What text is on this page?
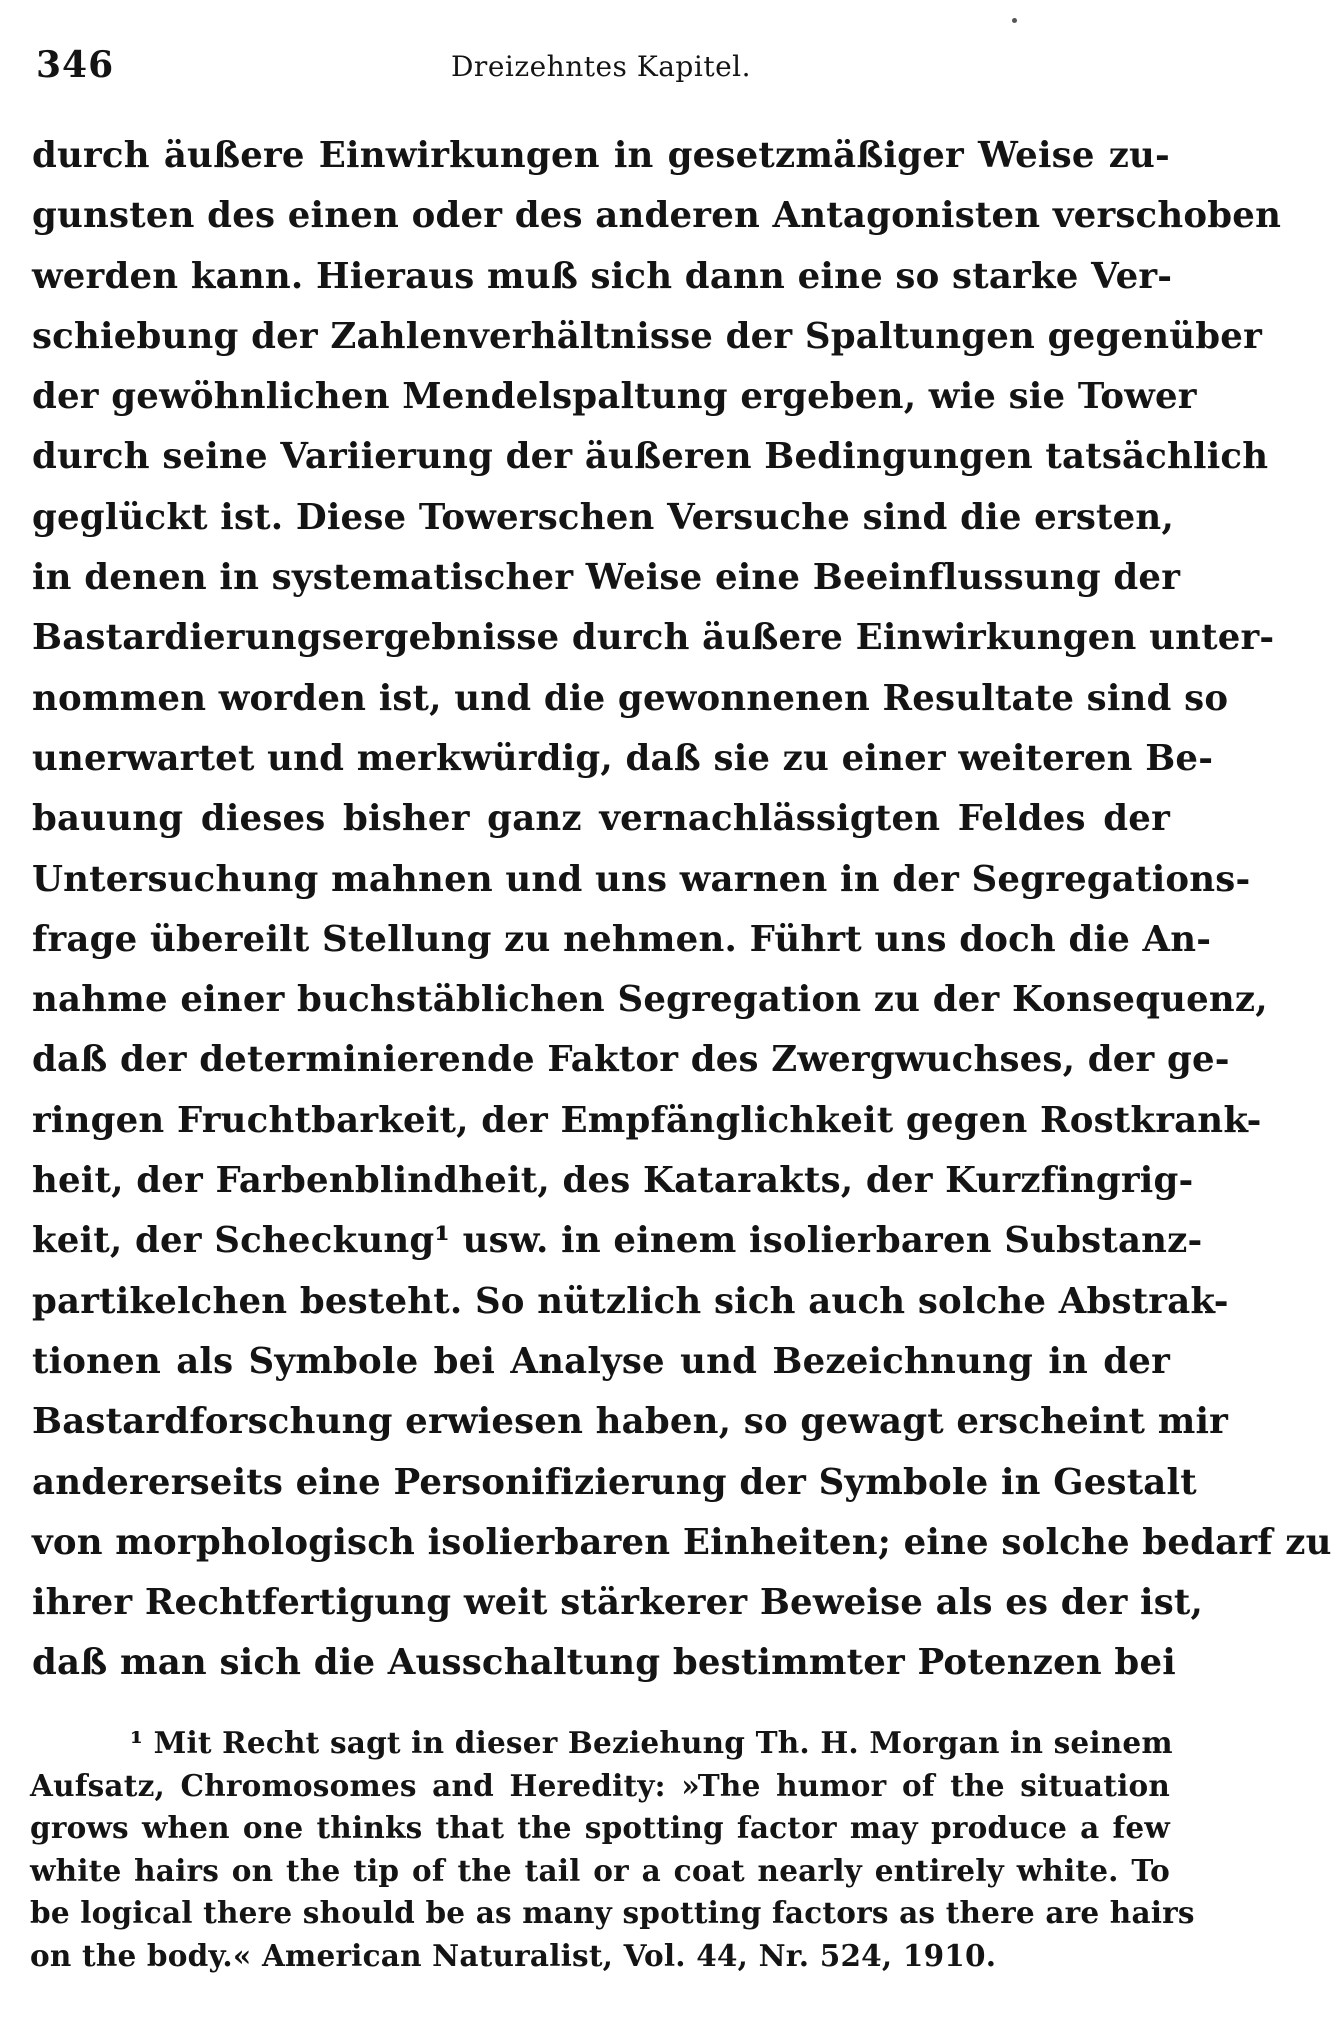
346	Dreizehntes Kapitel.
durch äußere Einwirkungen in gesetzmäßiger Weise zu-
gunsten des einen oder des anderen Antagonisten verschoben
werden kann. Hieraus muß sich dann eine so starke Ver-
schiebung der Zahlenverhältnisse der Spaltungen gegenüber
der gewöhnlichen Mendelspaltung ergeben, wie sie Tower
durch seine Variierung der äußeren Bedingungen tatsächlich
geglückt ist. Diese Towerschen Versuche sind die ersten,
in denen in systematischer Weise eine Beeinflussung der
Bastardierungsergebnisse durch äußere Einwirkungen unter-
nommen worden ist, und die gewonnenen Resultate sind so
unerwartet und merkwürdig, daß sie zu einer weiteren Be-
bauung dieses bisher ganz vernachlässigten Feldes der
Untersuchung mahnen und uns warnen in der Segregations-
frage übereilt Stellung zu nehmen. Führt uns doch die An-
nahme einer buchstäblichen Segregation zu der Konsequenz,
daß der determinierende Faktor des Zwergwuchses, der ge-
ringen Fruchtbarkeit, der Empfänglichkeit gegen Rostkrank-
heit, der Farbenblindheit, des Katarakts, der Kurzfingrig-
keit, der Scheckung¹ usw. in einem isolierbaren Substanz-
partikelchen besteht. So nützlich sich auch solche Abstrak-
tionen als Symbole bei Analyse und Bezeichnung in der
Bastardforschung erwiesen haben, so gewagt erscheint mir
andererseits eine Personifizierung der Symbole in Gestalt
von morphologisch isolierbaren Einheiten; eine solche bedarf zu
ihrer Rechtfertigung weit stärkerer Beweise als es der ist,
daß man sich die Ausschaltung bestimmter Potenzen bei
¹ Mit Recht sagt in dieser Beziehung Th. H. Morgan in seinem
Aufsatz, Chromosomes and Heredity: »The humor of the situation
grows when one thinks that the spotting factor may produce a few
white hairs on the tip of the tail or a coat nearly entirely white. To
be logical there should be as many spotting factors as there are hairs
on the body.« American Naturalist, Vol. 44, Nr. 524, 1910.
